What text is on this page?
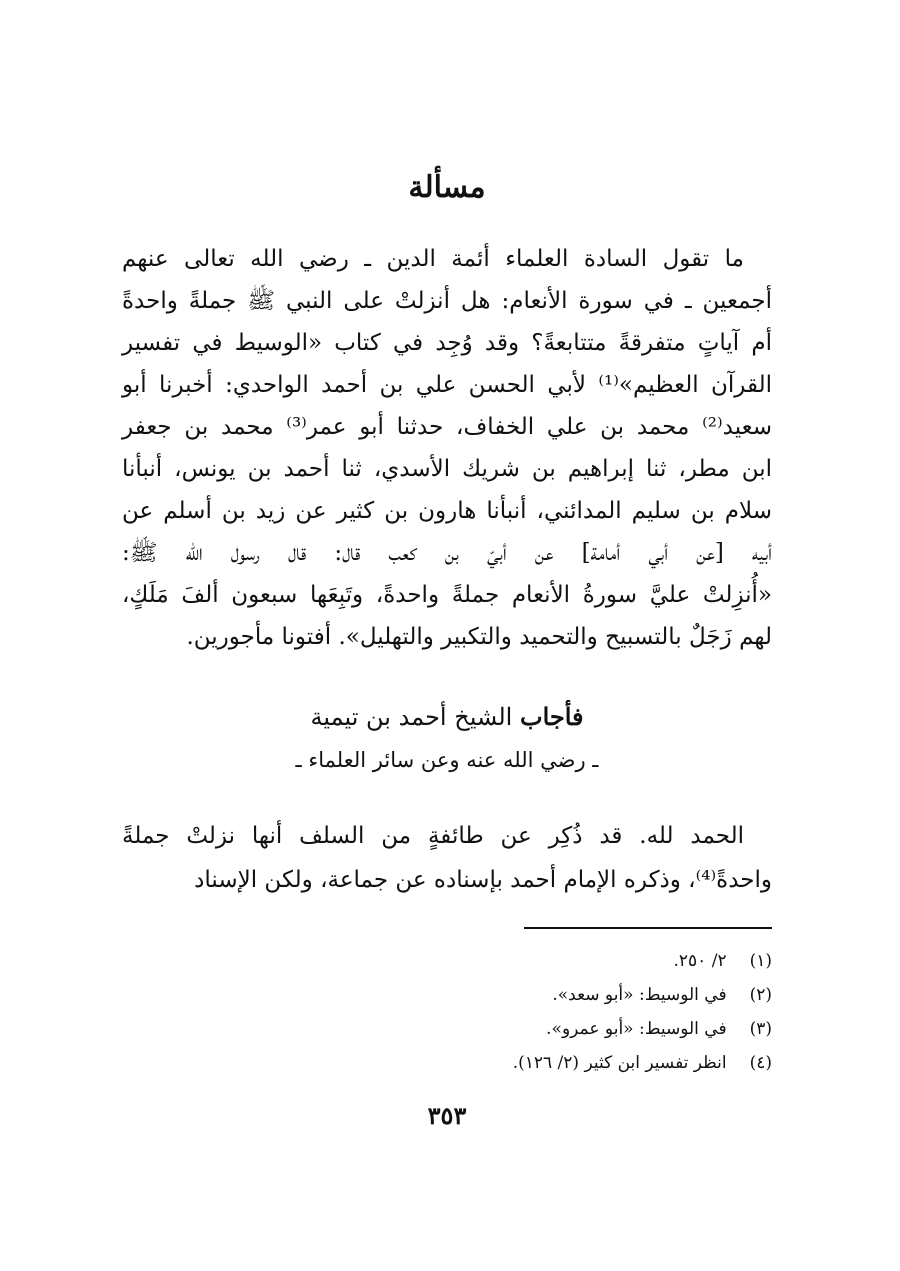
مسألة

ما تقول السادة العلماء أئمة الدين ـ رضي الله تعالى عنهم
أجمعين ـ في سورة الأنعام: هل أنزلتْ على النبي ﷺ جملةً واحدةً
أم آياتٍ متفرقةً متتابعةً؟ وقد وُجِد في كتاب «الوسيط في تفسير
القرآن العظيم»⁽¹⁾ لأبي الحسن علي بن أحمد الواحدي: أخبرنا أبو
سعيد⁽²⁾ محمد بن علي الخفاف، حدثنا أبو عمر⁽³⁾ محمد بن جعفر
ابن مطر، ثنا إبراهيم بن شريك الأسدي، ثنا أحمد بن يونس، أنبأنا
سلام بن سليم المدائني، أنبأنا هارون بن كثير عن زيد بن أسلم عن
أبيه [عن أبي أمامة] عن أبيّ بن كعب قال: قال رسول الله ﷺ:
«أُنزِلتْ عليَّ سورةُ الأنعام جملةً واحدةً، وتَبِعَها سبعون ألفَ مَلَكٍ،
لهم زَجَلٌ بالتسبيح والتحميد والتكبير والتهليل». أفتونا مأجورين.

فأجاب الشيخ أحمد بن تيمية
ـ رضي الله عنه وعن سائر العلماء ـ

الحمد لله. قد ذُكِر عن طائفةٍ من السلف أنها نزلتْ جملةً
واحدةً⁽⁴⁾، وذكره الإمام أحمد بإسناده عن جماعة، ولكن الإسناد

(١) ٢/ ٢٥٠.
(٢) في الوسيط: «أبو سعد».
(٣) في الوسيط: «أبو عمرو».
(٤) انظر تفسير ابن كثير (٢/ ١٢٦).
٣٥٣
